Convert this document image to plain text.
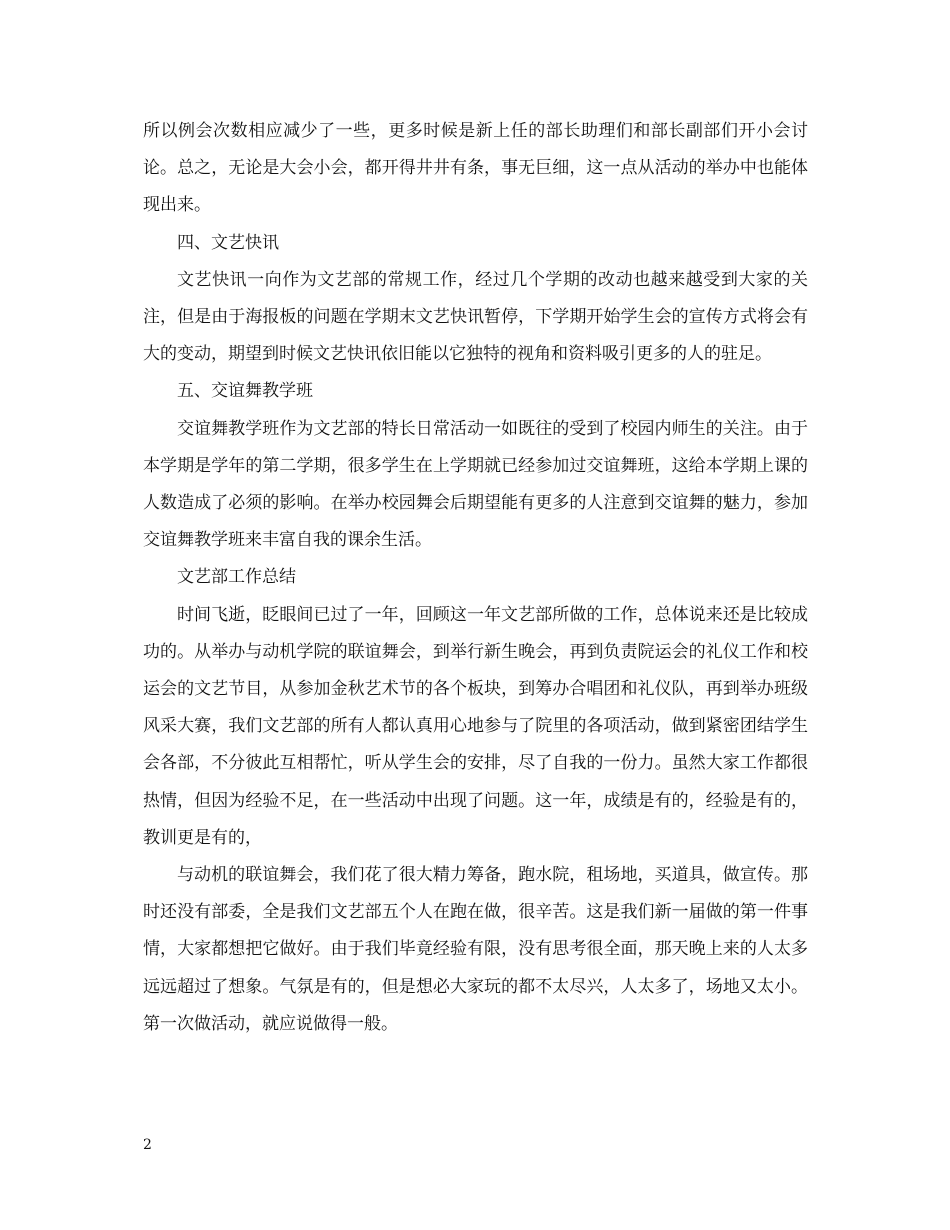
所以例会次数相应减少了一些，更多时候是新上任的部长助理们和部长副部们开小会讨论。总之，无论是大会小会，都开得井井有条，事无巨细，这一点从活动的举办中也能体现出来。

四、文艺快讯

文艺快讯一向作为文艺部的常规工作，经过几个学期的改动也越来越受到大家的关注，但是由于海报板的问题在学期末文艺快讯暂停，下学期开始学生会的宣传方式将会有大的变动，期望到时候文艺快讯依旧能以它独特的视角和资料吸引更多的人的驻足。

五、交谊舞教学班

交谊舞教学班作为文艺部的特长日常活动一如既往的受到了校园内师生的关注。由于本学期是学年的第二学期，很多学生在上学期就已经参加过交谊舞班，这给本学期上课的人数造成了必须的影响。在举办校园舞会后期望能有更多的人注意到交谊舞的魅力，参加交谊舞教学班来丰富自我的课余生活。

文艺部工作总结

时间飞逝，眨眼间已过了一年，回顾这一年文艺部所做的工作，总体说来还是比较成功的。从举办与动机学院的联谊舞会，到举行新生晚会，再到负责院运会的礼仪工作和校运会的文艺节目，从参加金秋艺术节的各个板块，到筹办合唱团和礼仪队，再到举办班级风采大赛，我们文艺部的所有人都认真用心地参与了院里的各项活动，做到紧密团结学生会各部，不分彼此互相帮忙，听从学生会的安排，尽了自我的一份力。虽然大家工作都很热情，但因为经验不足，在一些活动中出现了问题。这一年，成绩是有的，经验是有的，教训更是有的，

与动机的联谊舞会，我们花了很大精力筹备，跑水院，租场地，买道具，做宣传。那时还没有部委，全是我们文艺部五个人在跑在做，很辛苦。这是我们新一届做的第一件事情，大家都想把它做好。由于我们毕竟经验有限，没有思考很全面，那天晚上来的人太多远远超过了想象。气氛是有的，但是想必大家玩的都不太尽兴，人太多了，场地又太小。第一次做活动，就应说做得一般。

2
